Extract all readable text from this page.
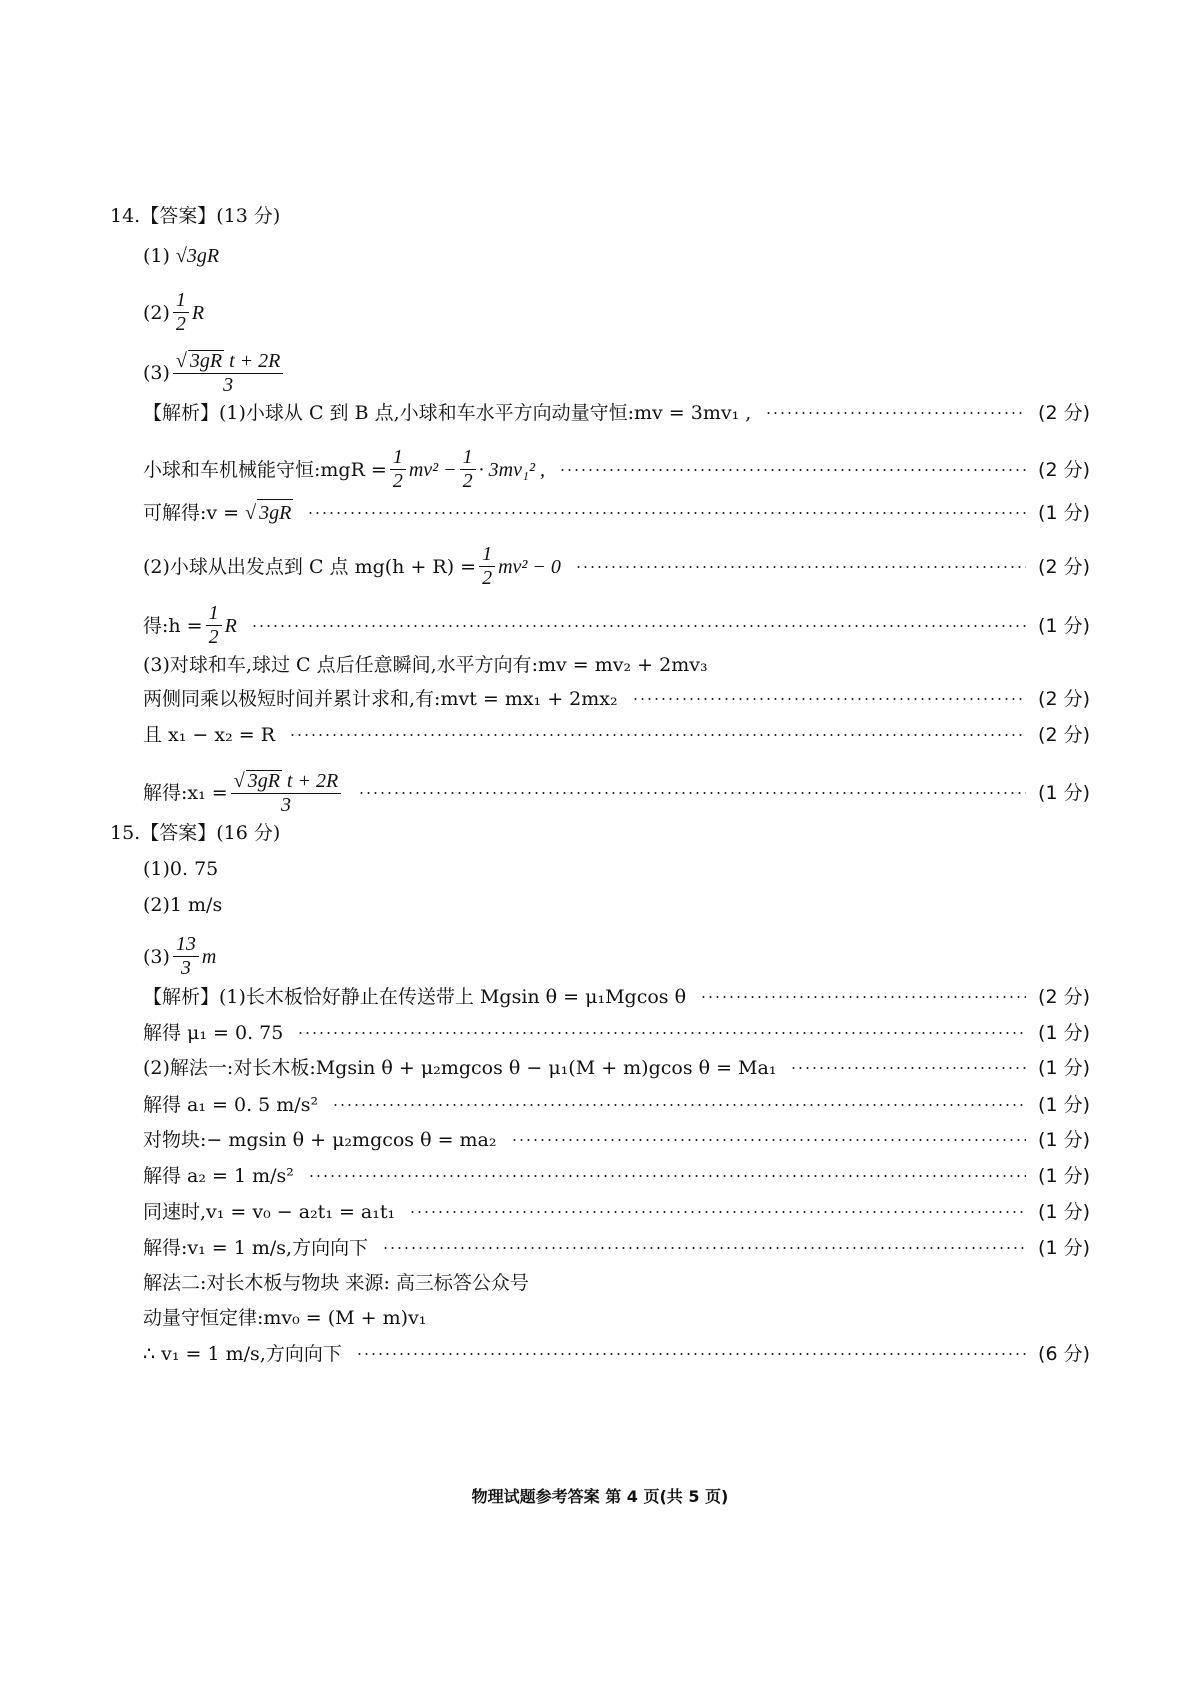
14.【答案】(13 分)
(1) √3gR
$(2) \frac{1}{2}$ R
$(3) \frac{\text{√ 3gR t + 2R}}{3}$
【解析】(1)小球从 C 到 B 点,小球和车水平方向动量守恒:mv = 3mv₁ ,	(2 分)
小球和车机械能守恒:mgR = $\frac{1}{2} mv^2 - \frac{1}{2} \cdot 3mv_1^2$ ,	(2 分)
可解得:v = √ 3gR	(1 分)
(2)小球从出发点到 C 点 $mg(h + R) = \frac{1}{2} mv^2 - 0$	(2 分)
得:h = $\frac{1}{2}$ R	(1 分)
(3)对球和车,球过 C 点后任意瞬间,水平方向有:mv = mv₂ + 2mv₃
两侧同乘以极短时间并累计求和,有:mvt = mx₁ + 2mx₂	(2 分)
且 x₁ − x₂ = R	(2 分)
解得:x₁ = $\frac{\text{√ 3gR t + 2R}}{3}$	(1 分)
15.【答案】(16 分)
(1)0. 75
(2)1 m/s
$(3) \frac{13}{3}$ m
【解析】(1)长木板恰好静止在传送带上 Mgsin θ = μ₁Mgcos θ	(2 分)
解得 μ₁ = 0. 75	(1 分)
(2)解法一:对长木板:Mgsin θ + μ₂mgcos θ − μ₁(M + m)gcos θ = Ma₁	(1 分)
解得 a₁ = 0. 5 m/s²	(1 分)
对物块:− mgsin θ + μ₂mgcos θ = ma₂	(1 分)
解得 a₂ = 1 m/s²	(1 分)
同速时,v₁ = v₀ − a₂t₁ = a₁t₁	(1 分)
解得:v₁ = 1 m/s,方向向下	(1 分)
解法二:对长木板与物块 来源: 高三标答公众号
动量守恒定律:mv₀ = (M + m)v₁
∴ v₁ = 1 m/s,方向向下	(6 分)
物理试题参考答案 第 4 页(共 5 页)
